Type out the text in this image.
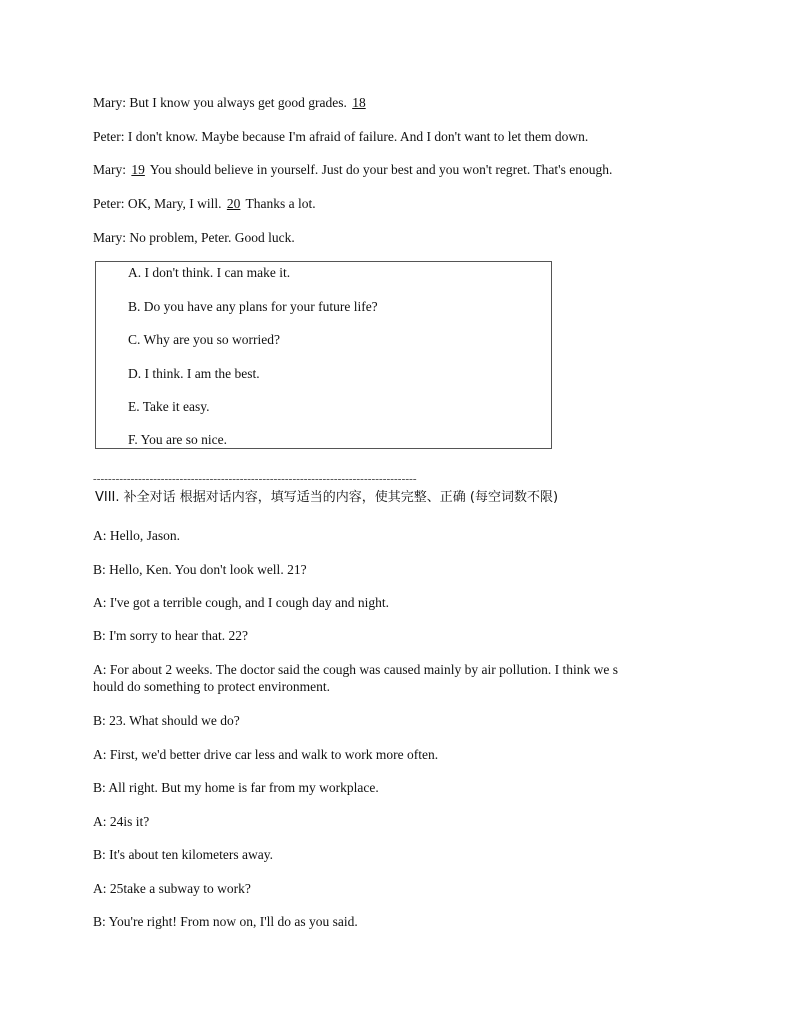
Mary: But I know you always get good grades. 18
Peter: I don't know. Maybe because I'm afraid of failure. And I don't want to let them down.
Mary: 19 You should believe in yourself. Just do your best and you won't regret. That's enough.
Peter: OK, Mary, I will. 20 Thanks a lot.
Mary: No problem, Peter. Good luck.
A. I don't think. I can make it.
B. Do you have any plans for your future life?
C. Why are you so worried?
D. I think. I am the best.
E. Take it easy.
F. You are so nice.
--------------------------------------------------------------------------------------
VIII. 补全对话 根据对话内容，填写适当的内容，使其完整、正确 (每空词数不限)
A: Hello, Jason.
B: Hello, Ken. You don't look well. 21?
A: I've got a terrible cough, and I cough day and night.
B: I'm sorry to hear that. 22?
A: For about 2 weeks. The doctor said the cough was caused mainly by air pollution. I think we s
hould do something to protect environment.
B: 23. What should we do?
A: First, we'd better drive car less and walk to work more often.
B: All right. But my home is far from my workplace.
A: 24is it?
B: It's about ten kilometers away.
A: 25take a subway to work?
B: You're right! From now on, I'll do as you said.
